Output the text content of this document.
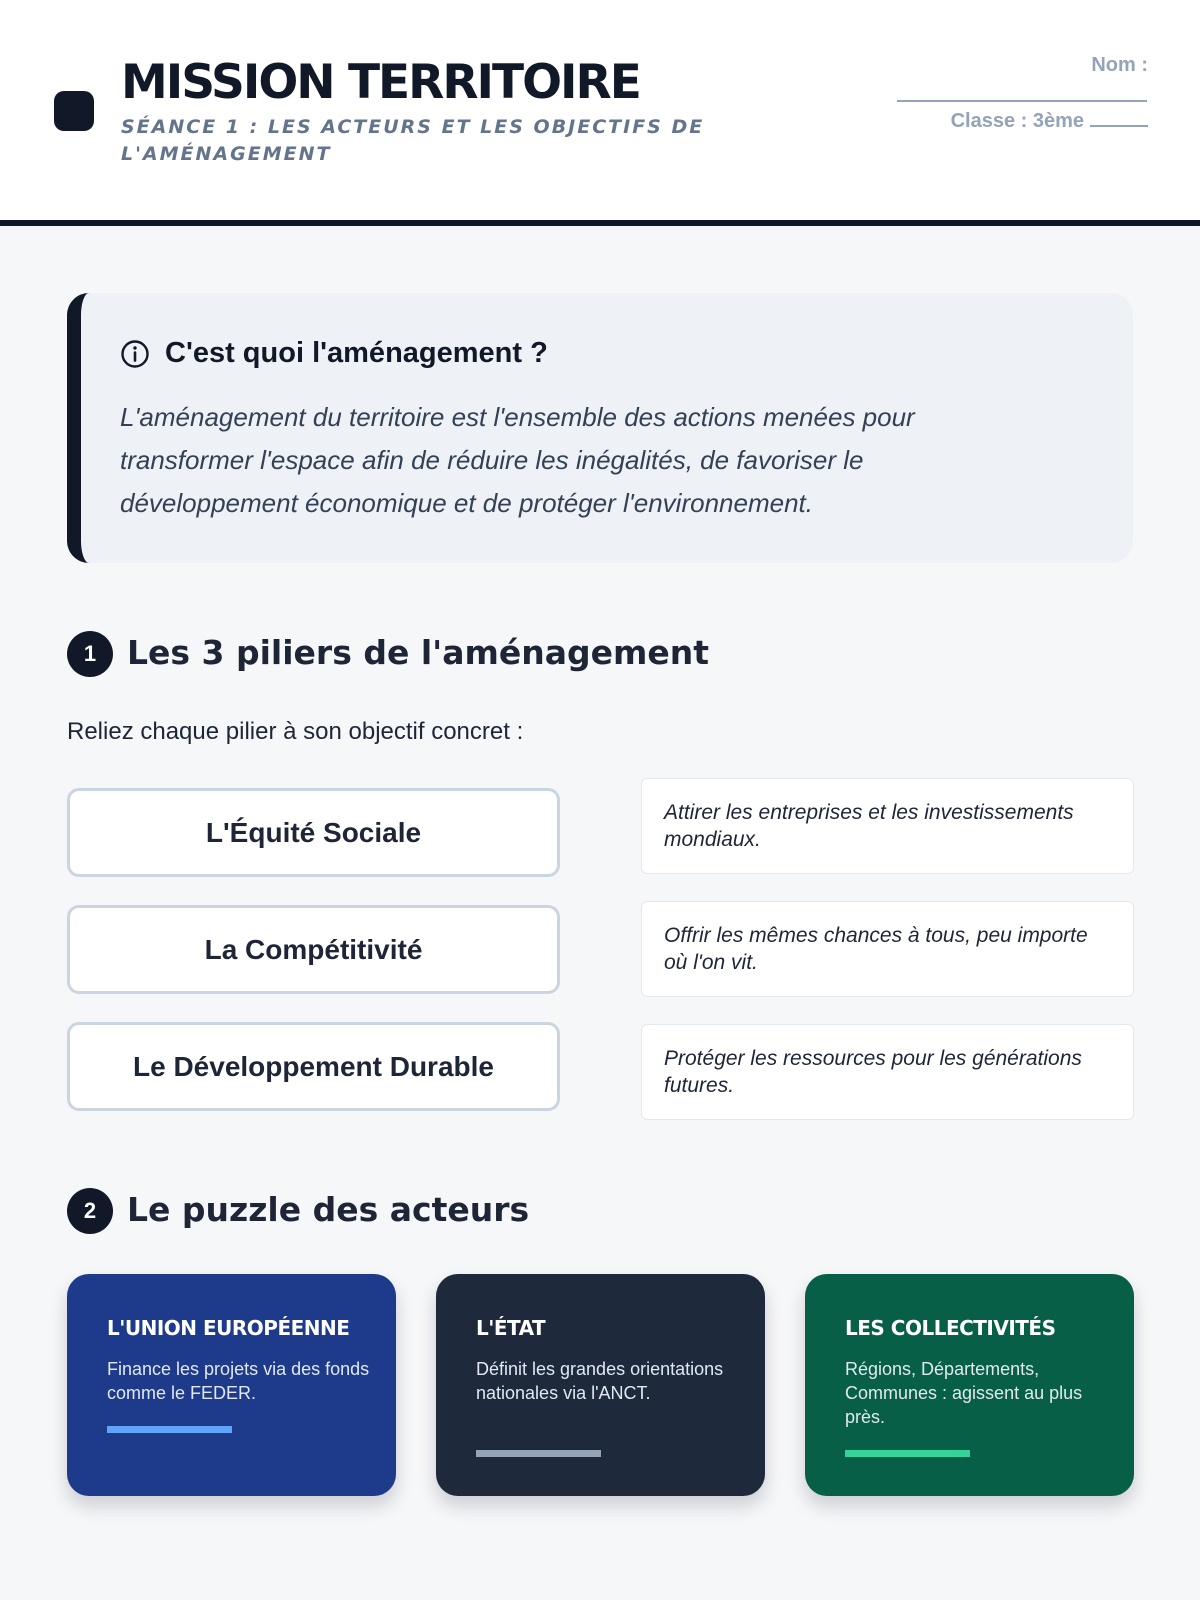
MISSION TERRITOIRE
SÉANCE 1 : LES ACTEURS ET LES OBJECTIFS DE L'AMÉNAGEMENT
Nom :
Classe : 3ème
C'est quoi l'aménagement ?

L'aménagement du territoire est l'ensemble des actions menées pour transformer l'espace afin de réduire les inégalités, de favoriser le développement économique et de protéger l'environnement.

1 Les 3 piliers de l'aménagement

Reliez chaque pilier à son objectif concret :

L'Équité Sociale
La Compétitivité
Le Développement Durable
Attirer les entreprises et les investissements mondiaux.
Offrir les mêmes chances à tous, peu importe où l'on vit.
Protéger les ressources pour les générations futures.
2 Le puzzle des acteurs
L'UNION EUROPÉENNE

Finance les projets via des fonds comme le FEDER.

L'ÉTAT

Définit les grandes orientations nationales via l'ANCT.

LES COLLECTIVITÉS

Régions, Départements, Communes : agissent au plus près.
